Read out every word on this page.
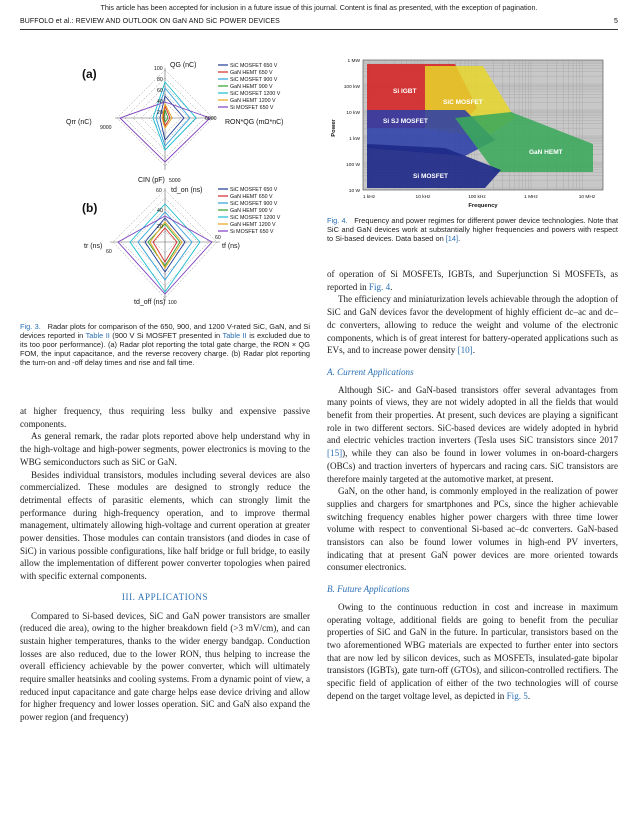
This article has been accepted for inclusion in a future issue of this journal. Content is final as presented, with the exception of pagination.
BUFFOLO et al.: REVIEW AND OUTLOOK ON GaN AND SiC POWER DEVICES	5
(a)
QG (nC)
100
80
60
40
20
RON*QG (mΩ*nC)
6000
CIN (pF) 5000
Qrr (nC)
9000
SiC MOSFET 650 V
GaN HEMT 650 V
SiC MOSFET 900 V
GaN HEMT 900 V
SiC MOSFET 1200 V
GaN HEMT 1200 V
Si MOSFET 650 V
(b)
td_on (ns)
60
40
20
tf (ns)
60
td_off (ns) 100
tr (ns)
60
SiC MOSFET 650 V
GaN HEMT 650 V
SiC MOSFET 900 V
GaN HEMT 900 V
SiC MOSFET 1200 V
GaN HEMT 1200 V
Si MOSFET 650 V
Fig. 3. Radar plots for comparison of the 650, 900, and 1200 V-rated SiC, GaN, and Si devices reported in Table II (900 V Si MOSFET presented in Table II is excluded due to its too poor performance). (a) Radar plot reporting the total gate charge, the RON × QG FOM, the input capacitance, and the reverse recovery charge. (b) Radar plot reporting the turn-on and -off delay times and rise and fall time.

at higher frequency, thus requiring less bulky and expensive passive components.

As general remark, the radar plots reported above help understand why in the high-voltage and high-power segments, power electronics is moving to the WBG semiconductors such as SiC or GaN.

Besides individual transistors, modules including several devices are also commercialized. These modules are designed to strongly reduce the detrimental effects of parasitic elements, which can strongly limit the performance during high-frequency operation, and to improve thermal management, ultimately allowing high-voltage and current operation at greater power densities. Those modules can contain transistors (and diodes in case of SiC) in various possible configurations, like half bridge or full bridge, to easily allow the implementation of different power converter topologies when paired with specific external components.

III. APPLICATIONS

Compared to Si-based devices, SiC and GaN power transistors are smaller (reduced die area), owing to the higher breakdown field (>3 mV/cm), and can sustain higher temperatures, thanks to the wider energy bandgap. Conduction losses are also reduced, due to the lower RON, thus helping to increase the overall efficiency achievable by the power converter, which will ultimately require smaller heatsinks and cooling systems. From a dynamic point of view, a reduced input capacitance and gate charge helps ease device driving and allow for higher frequency and lower losses operation. SiC and GaN also expand the power region (and frequency)

Si IGBT
SiC MOSFET
Si SJ MOSFET
GaN HEMT
Si MOSFET
1 MW
100 kW
10 kW
1 kW
100 W
10 W
1 kHz	10 kHz	100 kHz	1 MHz	10 MHz
Frequency
Power
Fig. 4. Frequency and power regimes for different power device technologies. Note that SiC and GaN devices work at substantially higher frequencies and powers with respect to Si-based devices. Data based on [14].

of operation of Si MOSFETs, IGBTs, and Superjunction Si MOSFETs, as reported in Fig. 4.

The efficiency and miniaturization levels achievable through the adoption of SiC and GaN devices favor the development of highly efficient dc–ac and dc–dc converters, allowing to reduce the weight and volume of the electronic components, which is of great interest for battery-operated applications such as EVs, and to increase power density [10].

A. Current Applications

Although SiC- and GaN-based transistors offer several advantages from many points of views, they are not widely adopted in all the fields that would benefit from their properties. At present, such devices are playing a significant role in two different sectors. SiC-based devices are widely adopted in hybrid and electric vehicles traction inverters (Tesla uses SiC transistors since 2017 [15]), while they can also be found in lower volumes in on-board-chargers (OBCs) and traction inverters of hypercars and racing cars. SiC transistors are therefore mainly targeted at the automotive market, at present.

GaN, on the other hand, is commonly employed in the realization of power supplies and chargers for smartphones and PCs, since the higher achievable switching frequency enables higher power chargers with three time lower volume with respect to conventional Si-based ac–dc converters. GaN-based transistors can also be found lower volumes in high-end PV inverters, indicating that at present GaN power devices are more oriented towards consumer electronics.

B. Future Applications

Owing to the continuous reduction in cost and increase in maximum operating voltage, additional fields are going to benefit from the peculiar properties of SiC and GaN in the future. In particular, transistors based on the two aforementioned WBG materials are expected to further enter into sectors that are now led by silicon devices, such as MOSFETs, insulated-gate bipolar transistors (IGBTs), gate turn-off (GTOs), and silicon-controlled rectifiers. The specific field of application of either of the two technologies will of course depend on the target voltage level, as depicted in Fig. 5.
